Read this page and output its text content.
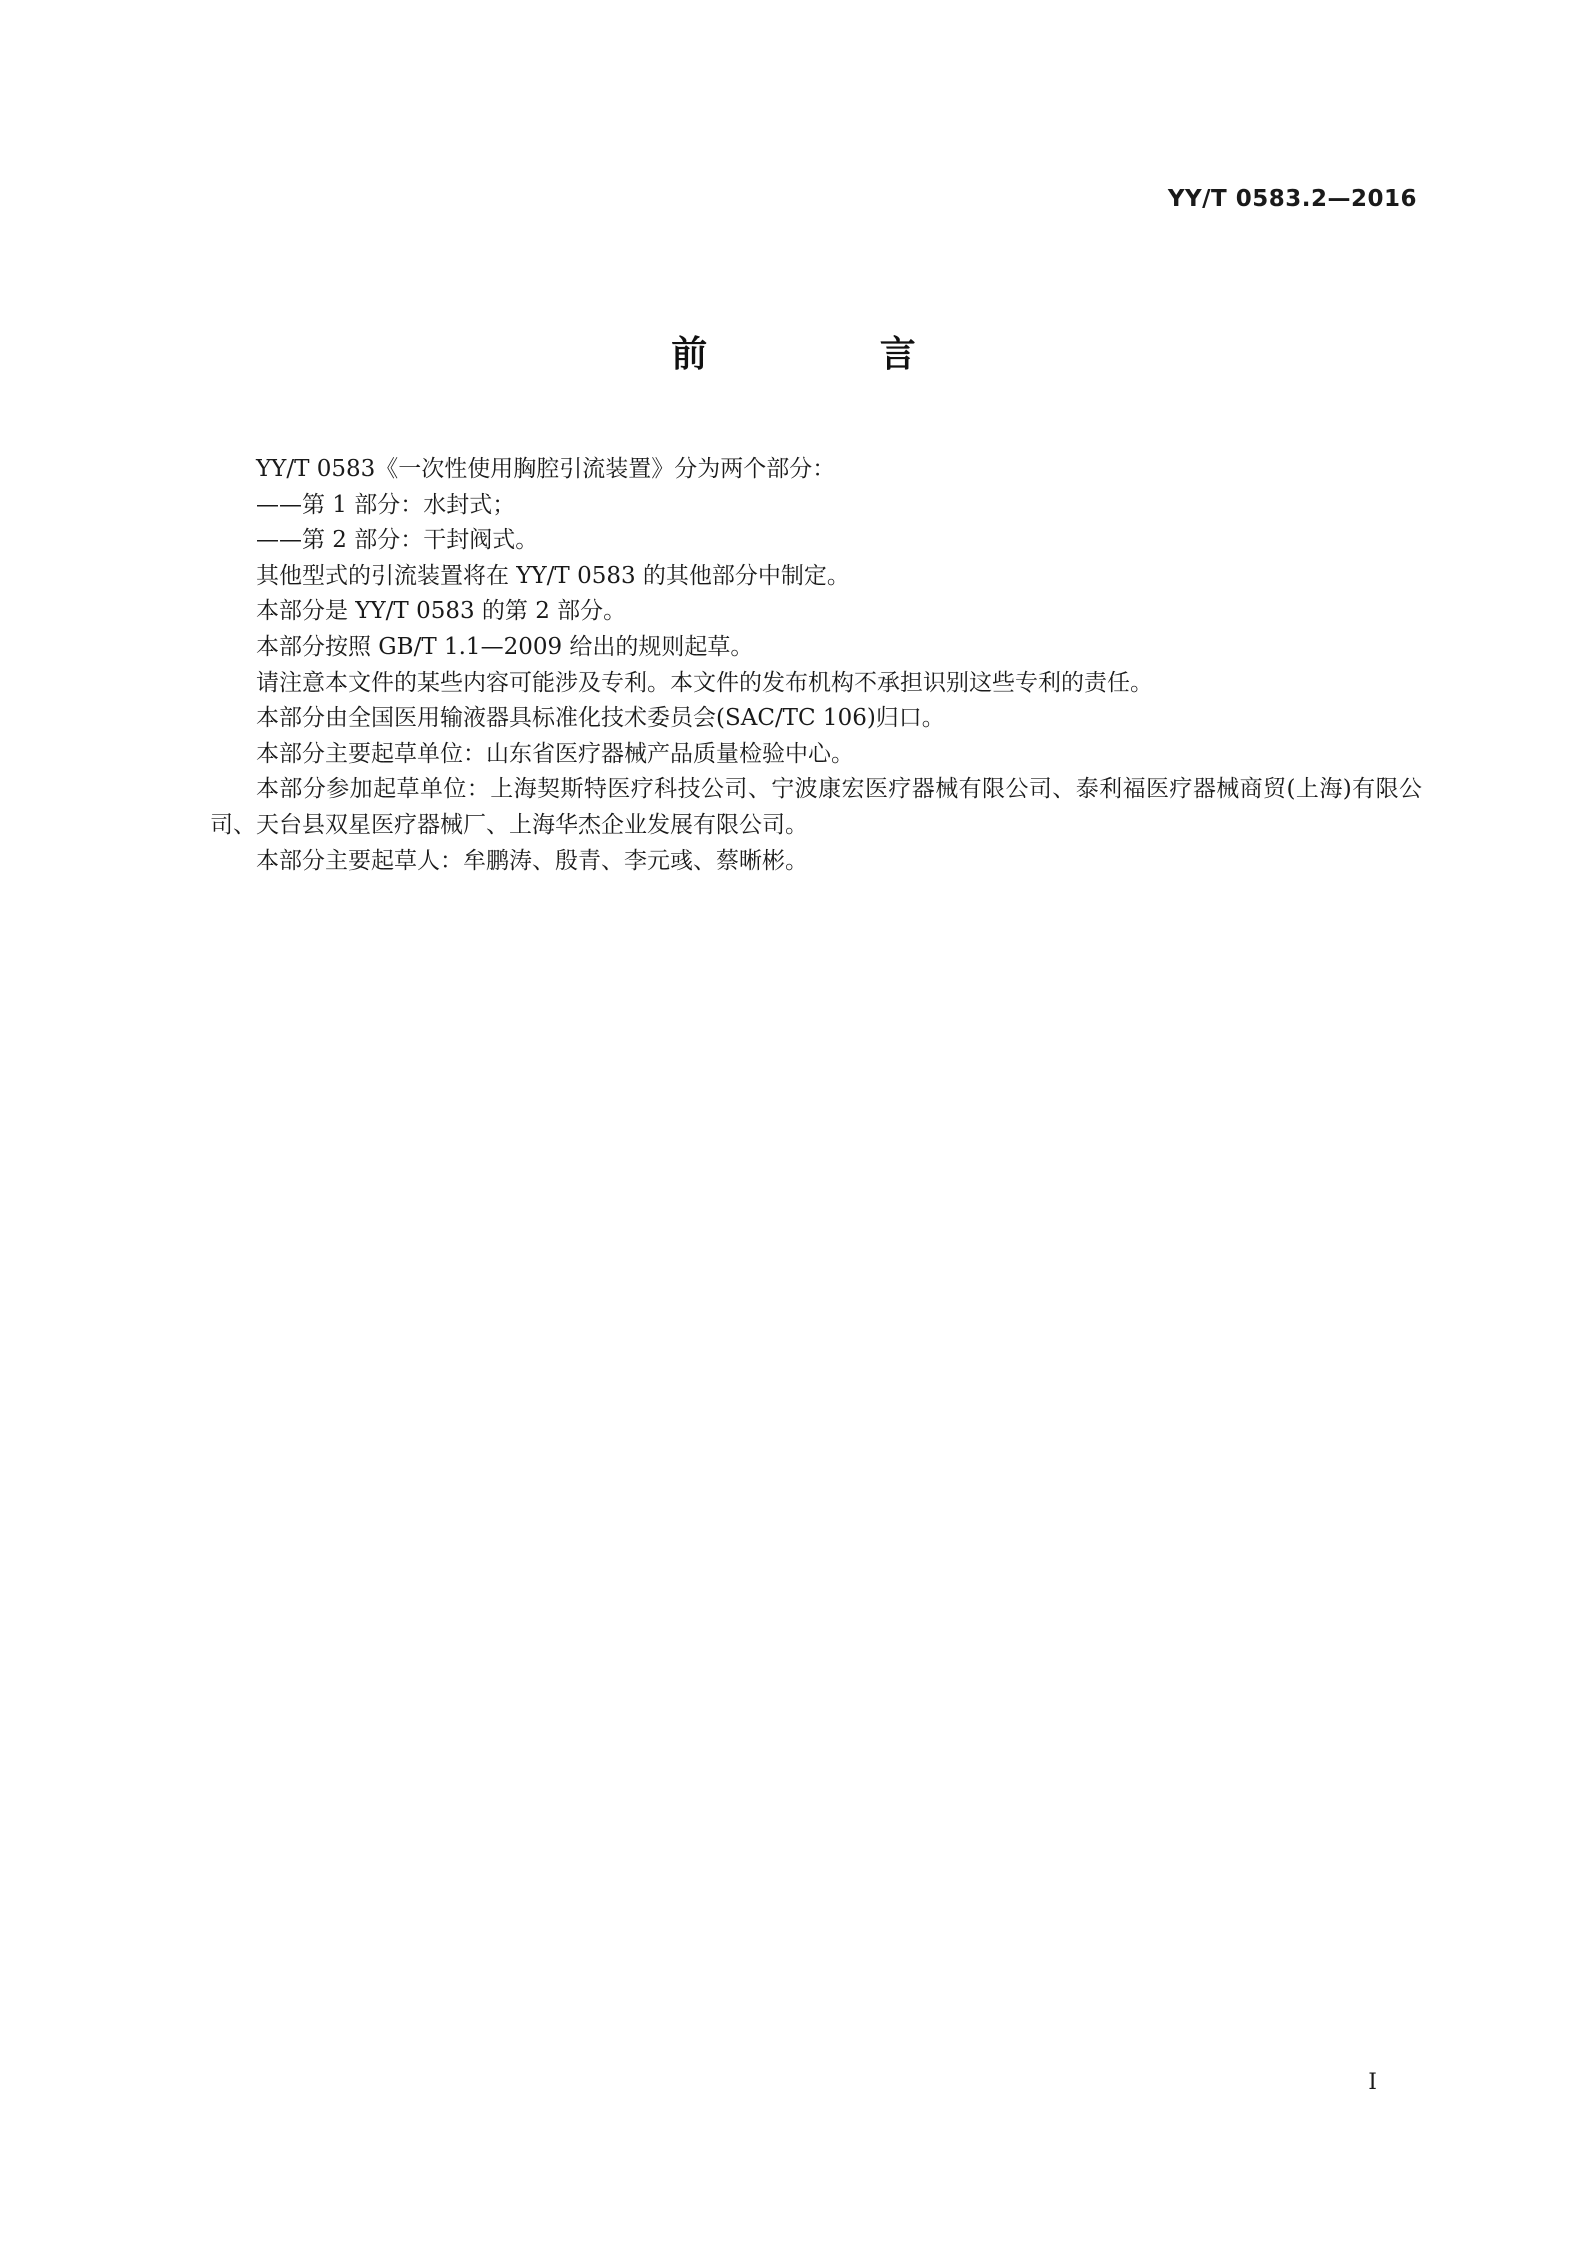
YY/T 0583.2—2016
前 言

YY/T 0583《一次性使用胸腔引流装置》分为两个部分：

——第 1 部分：水封式；

——第 2 部分：干封阀式。

其他型式的引流装置将在 YY/T 0583 的其他部分中制定。

本部分是 YY/T 0583 的第 2 部分。

本部分按照 GB/T 1.1—2009 给出的规则起草。

请注意本文件的某些内容可能涉及专利。本文件的发布机构不承担识别这些专利的责任。

本部分由全国医用输液器具标准化技术委员会(SAC/TC 106)归口。

本部分主要起草单位：山东省医疗器械产品质量检验中心。

本部分参加起草单位：上海契斯特医疗科技公司、宁波康宏医疗器械有限公司、泰利福医疗器械商贸(上海)有限公司、天台县双星医疗器械厂、上海华杰企业发展有限公司。

本部分主要起草人：牟鹏涛、殷青、李元彧、蔡晰彬。

I
